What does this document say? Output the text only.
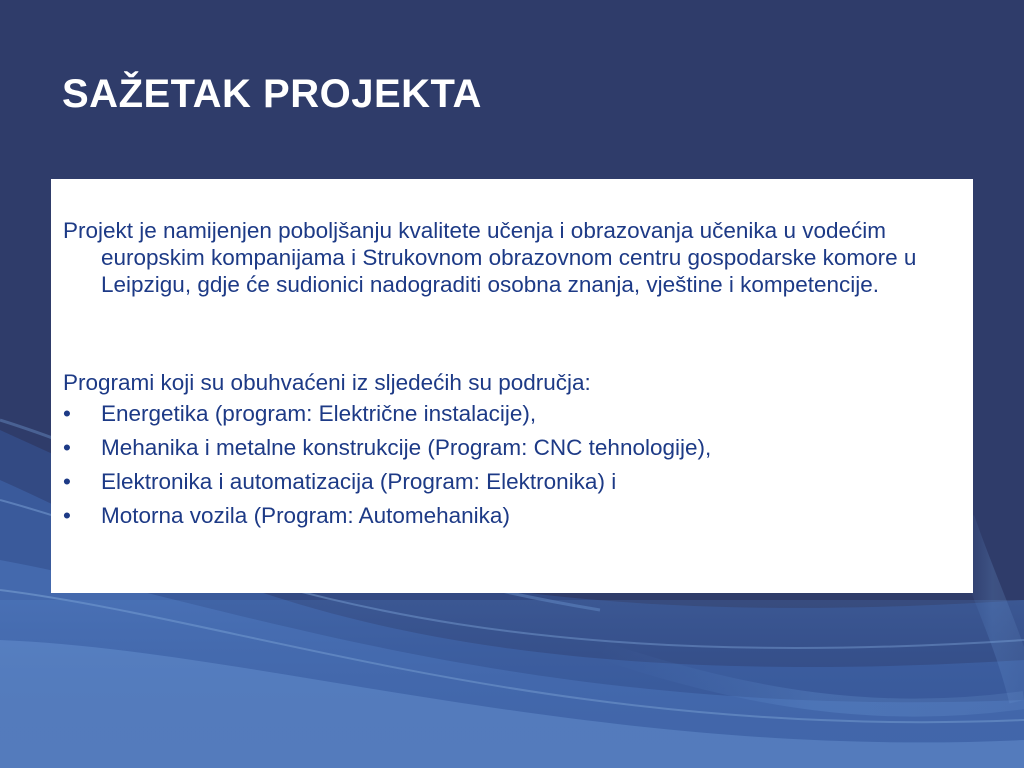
SAŽETAK PROJEKTA

Projekt je namijenjen poboljšanju kvalitete učenja i obrazovanja učenika u vodećim europskim kompanijama i Strukovnom obrazovnom centru gospodarske komore u Leipzigu, gdje će sudionici nadograditi osobna znanja, vještine i kompetencije.

Programi koji su obuhvaćeni iz sljedećih su područja:

• Energetika (program: Električne instalacije),
• Mehanika i metalne konstrukcije (Program: CNC tehnologije),
• Elektronika i automatizacija (Program: Elektronika) i
• Motorna vozila (Program: Automehanika)
